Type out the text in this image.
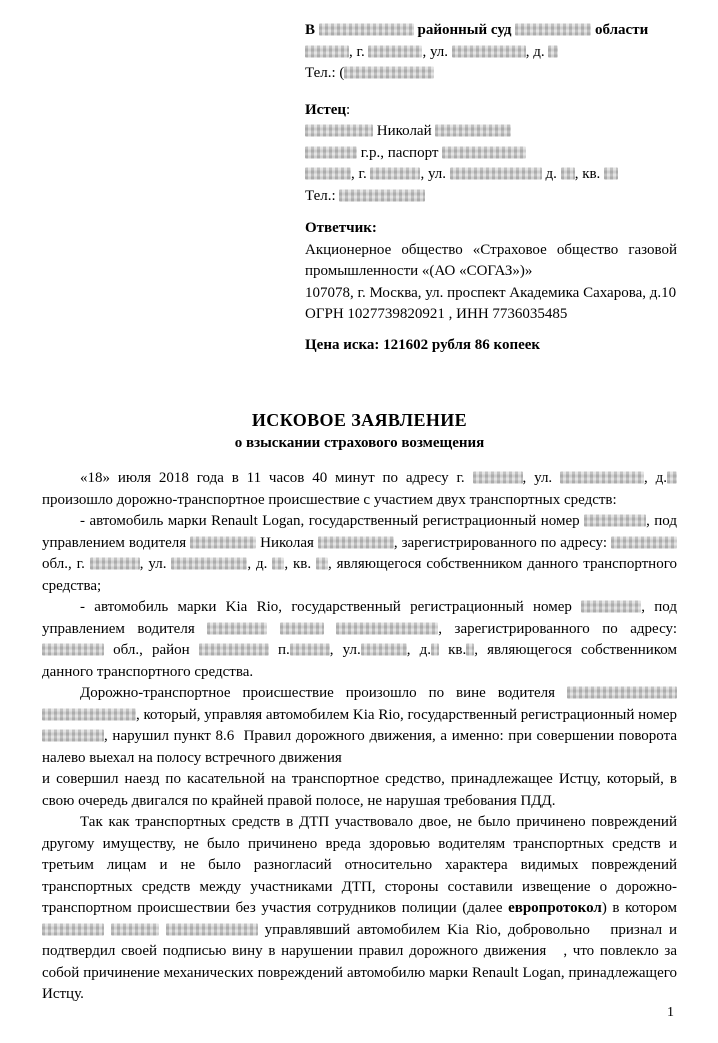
В	районный суд	области
, г.	, ул.	, д.
Тел.: (
Истец:
Николай
г.р., паспорт
, г.	, ул.	д. , кв.
Тел.:
Ответчик:
Акционерное общество «Страховое общество газовой промышленности «(АО «СОГАЗ»)»
107078, г. Москва, ул. проспект Академика Сахарова, д.10
ОГРН 1027739820921 , ИНН 7736035485
Цена иска: 121602 рубля 86 копеек
ИСКОВОЕ ЗАЯВЛЕНИЕ
о взыскании страхового возмещения

«18» июля 2018 года в 11 часов 40 минут по адресу г.	, ул.	, д. произошло дорожно-транспортное происшествие с участием двух транспортных средств:

- автомобиль марки Renault Logan, государственный регистрационный номер	, под управлением водителя	Николая	, зарегистрированного по адресу:  обл., г.	, ул.	, д. , кв. , являющегося собственником данного транспортного средства;

- автомобиль марки Kia Rio, государственный регистрационный номер	, под управлением водителя	, зарегистрированного по адресу:  обл., район	п.	, ул.	, д. кв. , являющегося собственником данного транспортного средства.

Дорожно-транспортное происшествие произошло по вине водителя  , который, управляя автомобилем Kia Rio, государственный регистрационный номер , нарушил пункт 8.6  Правил дорожного движения, а именно: при совершении поворота налево выехал на полосу встречного движения
и совершил наезд по касательной на транспортное средство, принадлежащее Истцу, который, в свою очередь двигался по крайней правой полосе, не нарушая требования ПДД.

Так как транспортных средств в ДТП участвовало двое, не было причинено повреждений другому имуществу, не было причинено вреда здоровью водителям транспортных средств и третьим лицам и не было разногласий относительно характера видимых повреждений транспортных средств между участниками ДТП, стороны составили извещение о дорожно-транспортном происшествии без участия сотрудников полиции (далее европротокол) в котором    управлявший автомобилем Kia Rio, добровольно   признал и подтвердил своей подписью вину в нарушении правил дорожного движения   , что повлекло за собой причинение механических повреждений автомобилю марки Renault Logan, принадлежащего Истцу.

1
